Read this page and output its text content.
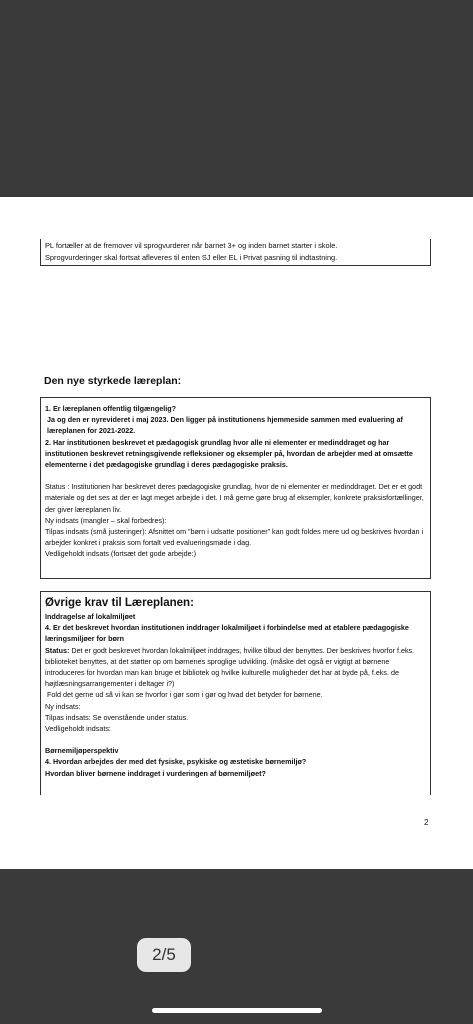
PL fortæller at de fremover vil sprogvurderer når barnet 3+ og inden barnet starter i skole.
Sprogvurderinger skal fortsat afleveres til enten SJ eller EL i Privat pasning til indtastning.
Den nye styrkede læreplan:
1. Er læreplanen offentlig tilgængelig?
Ja og den er nyrevideret i maj 2023. Den ligger på institutionens hjemmeside sammen med evaluering af læreplanen for 2021-2022.
2. Har institutionen beskrevet et pædagogisk grundlag hvor alle ni elementer er medinddraget og har institutionen beskrevet retningsgivende refleksioner og eksempler på, hvordan de arbejder med at omsætte elementerne i det pædagogiske grundlag i deres pædagogiske praksis.
Status : Institutionen har beskrevet deres pædagogiske grundlag, hvor de ni elementer er medinddraget. Det er et godt materiale og det ses at der er lagt meget arbejde i det. I må gerne gøre brug af eksempler, konkrete praksisfortællinger, der giver læreplanen liv.
Ny indsats (mangler – skal forbedres):
Tilpas indsats (små justeringer): Afsnittet om ”børn i udsatte positioner” kan godt foldes mere ud og beskrives hvordan i arbejder konkret i praksis som fortalt ved evalueringsmøde i dag.
Vedligeholdt indsats (fortsæt det gode arbejde:)
Øvrige krav til Læreplanen:
Inddragelse af lokalmiljøet
4. Er det beskrevet hvordan institutionen inddrager lokalmiljøet i forbindelse med at etablere pædagogiske læringsmiljøer for børn
Status: Det er godt beskrevet hvordan lokalmiljøet inddrages, hvilke tilbud der benyttes. Der beskrives hvorfor f.eks. biblioteket benyttes, at det støtter op om børnenes sproglige udvikling. (måske det også er vigtigt at børnene introduceres for hvordan man kan bruge et bibliotek og hvilke kulturelle muligheder det har at byde på, f.eks. de højtlæsningsarrangementer i deltager i?)
Fold det gerne ud så vi kan se hvorfor i gør som i gør og hvad det betyder for børnene.
Ny indsats:
Tilpas indsats: Se ovenstående under status.
Vedligeholdt indsats:
Børnemiljøperspektiv
4. Hvordan arbejdes der med det fysiske, psykiske og æstetiske børnemiljø?
Hvordan bliver børnene inddraget i vurderingen af børnemiljøet?
2
2/5
